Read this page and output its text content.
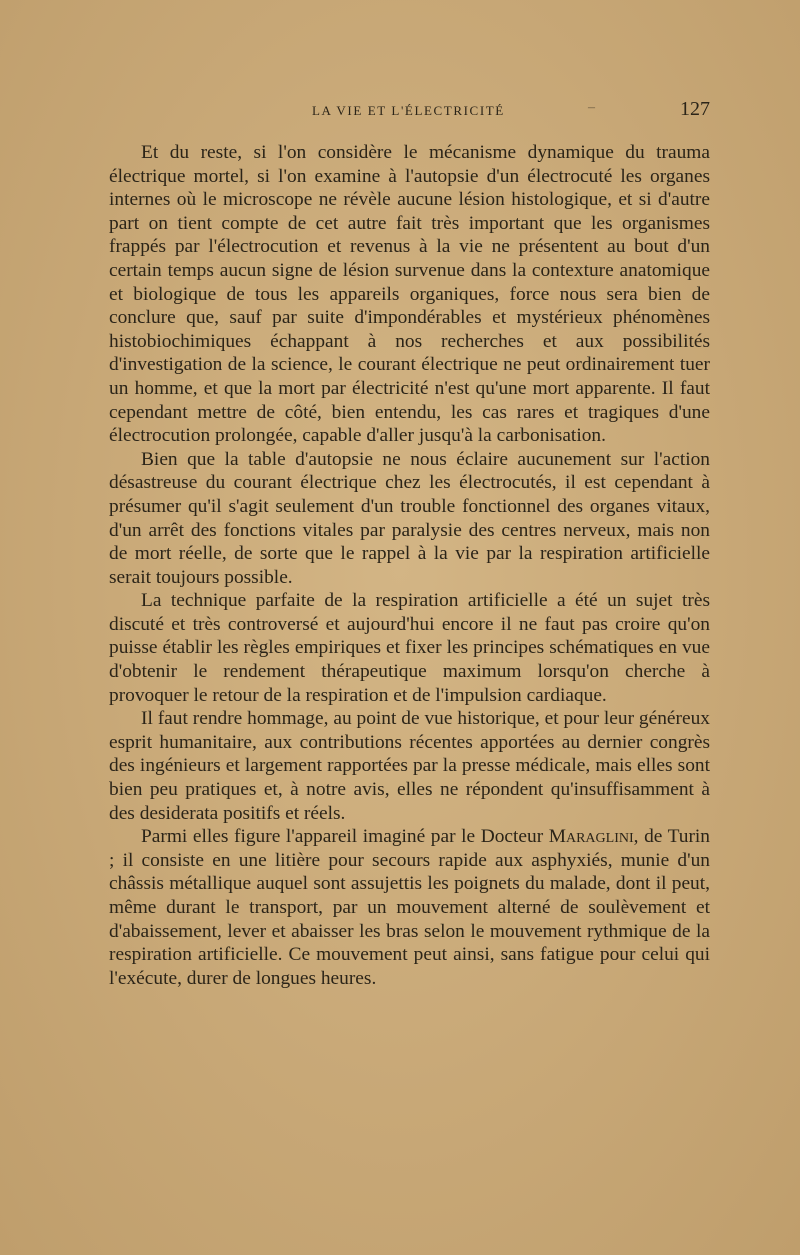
LA VIE ET L'ÉLECTRICITÉ	–	127

Et du reste, si l'on considère le mécanisme dynamique du trauma électrique mortel, si l'on examine à l'autopsie d'un électrocuté les organes internes où le microscope ne révèle aucune lésion histologique, et si d'autre part on tient compte de cet autre fait très important que les organismes frappés par l'électrocution et revenus à la vie ne présentent au bout d'un certain temps aucun signe de lésion survenue dans la contexture anatomique et biologique de tous les appareils organiques, force nous sera bien de conclure que, sauf par suite d'impondérables et mystérieux phénomènes histobiochimiques échappant à nos recherches et aux possibilités d'investigation de la science, le courant électrique ne peut ordinairement tuer un homme, et que la mort par électricité n'est qu'une mort apparente. Il faut cependant mettre de côté, bien entendu, les cas rares et tragiques d'une électrocution prolongée, capable d'aller jusqu'à la carbonisation.

Bien que la table d'autopsie ne nous éclaire aucunement sur l'action désastreuse du courant électrique chez les électrocutés, il est cependant à présumer qu'il s'agit seulement d'un trouble fonctionnel des organes vitaux, d'un arrêt des fonctions vitales par paralysie des centres nerveux, mais non de mort réelle, de sorte que le rappel à la vie par la respiration artificielle serait toujours possible.

La technique parfaite de la respiration artificielle a été un sujet très discuté et très controversé et aujourd'hui encore il ne faut pas croire qu'on puisse établir les règles empiriques et fixer les principes schématiques en vue d'obtenir le rendement thérapeutique maximum lorsqu'on cherche à provoquer le retour de la respiration et de l'impulsion cardiaque.

Il faut rendre hommage, au point de vue historique, et pour leur généreux esprit humanitaire, aux contributions récentes apportées au dernier congrès des ingénieurs et largement rapportées par la presse médicale, mais elles sont bien peu pratiques et, à notre avis, elles ne répondent qu'insuffisamment à des desiderata positifs et réels.

Parmi elles figure l'appareil imaginé par le Docteur Maraglini, de Turin ; il consiste en une litière pour secours rapide aux asphyxiés, munie d'un châssis métallique auquel sont assujettis les poignets du malade, dont il peut, même durant le transport, par un mouvement alterné de soulèvement et d'abaissement, lever et abaisser les bras selon le mouvement rythmique de la respiration artificielle. Ce mouvement peut ainsi, sans fatigue pour celui qui l'exécute, durer de longues heures.
